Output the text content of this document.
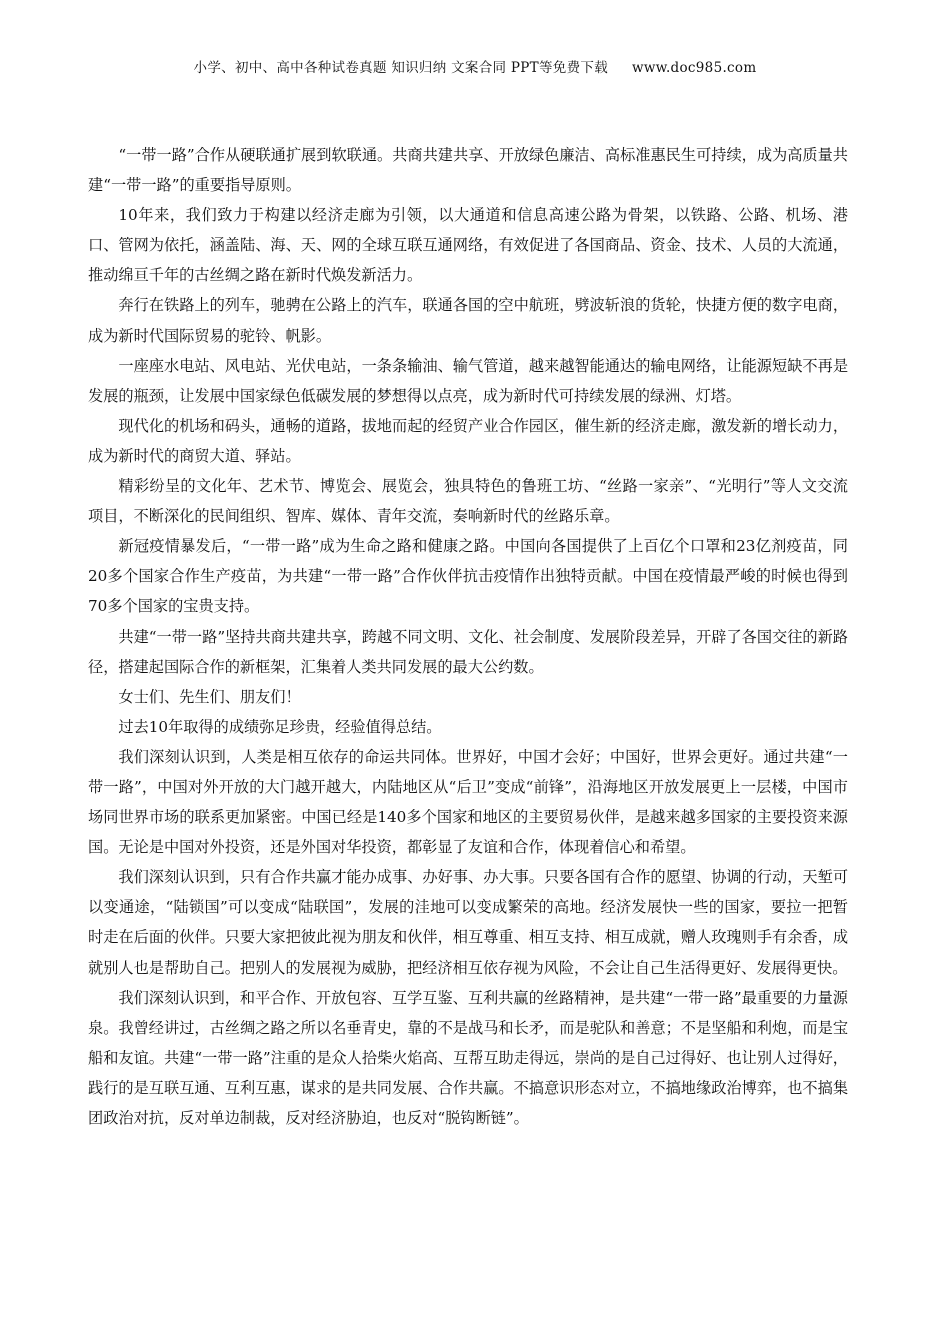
小学、初中、高中各种试卷真题 知识归纳 文案合同 PPT等免费下载 www.doc985.com

“一带一路”合作从硬联通扩展到软联通。共商共建共享、开放绿色廉洁、高标准惠民生可持续，成为高质量共建“一带一路”的重要指导原则。

10年来，我们致力于构建以经济走廊为引领，以大通道和信息高速公路为骨架，以铁路、公路、机场、港口、管网为依托，涵盖陆、海、天、网的全球互联互通网络，有效促进了各国商品、资金、技术、人员的大流通，推动绵亘千年的古丝绸之路在新时代焕发新活力。

奔行在铁路上的列车，驰骋在公路上的汽车，联通各国的空中航班，劈波斩浪的货轮，快捷方便的数字电商，成为新时代国际贸易的驼铃、帆影。

一座座水电站、风电站、光伏电站，一条条输油、输气管道，越来越智能通达的输电网络，让能源短缺不再是发展的瓶颈，让发展中国家绿色低碳发展的梦想得以点亮，成为新时代可持续发展的绿洲、灯塔。

现代化的机场和码头，通畅的道路，拔地而起的经贸产业合作园区，催生新的经济走廊，激发新的增长动力，成为新时代的商贸大道、驿站。

精彩纷呈的文化年、艺术节、博览会、展览会，独具特色的鲁班工坊、“丝路一家亲”、“光明行”等人文交流项目，不断深化的民间组织、智库、媒体、青年交流，奏响新时代的丝路乐章。

新冠疫情暴发后，“一带一路”成为生命之路和健康之路。中国向各国提供了上百亿个口罩和23亿剂疫苗，同20多个国家合作生产疫苗，为共建“一带一路”合作伙伴抗击疫情作出独特贡献。中国在疫情最严峻的时候也得到70多个国家的宝贵支持。

共建“一带一路”坚持共商共建共享，跨越不同文明、文化、社会制度、发展阶段差异，开辟了各国交往的新路径，搭建起国际合作的新框架，汇集着人类共同发展的最大公约数。

女士们、先生们、朋友们！

过去10年取得的成绩弥足珍贵，经验值得总结。

我们深刻认识到，人类是相互依存的命运共同体。世界好，中国才会好；中国好，世界会更好。通过共建“一带一路”，中国对外开放的大门越开越大，内陆地区从“后卫”变成“前锋”，沿海地区开放发展更上一层楼，中国市场同世界市场的联系更加紧密。中国已经是140多个国家和地区的主要贸易伙伴，是越来越多国家的主要投资来源国。无论是中国对外投资，还是外国对华投资，都彰显了友谊和合作，体现着信心和希望。

我们深刻认识到，只有合作共赢才能办成事、办好事、办大事。只要各国有合作的愿望、协调的行动，天堑可以变通途，“陆锁国”可以变成“陆联国”，发展的洼地可以变成繁荣的高地。经济发展快一些的国家，要拉一把暂时走在后面的伙伴。只要大家把彼此视为朋友和伙伴，相互尊重、相互支持、相互成就，赠人玫瑰则手有余香，成就别人也是帮助自己。把别人的发展视为威胁，把经济相互依存视为风险，不会让自己生活得更好、发展得更快。

我们深刻认识到，和平合作、开放包容、互学互鉴、互利共赢的丝路精神，是共建“一带一路”最重要的力量源泉。我曾经讲过，古丝绸之路之所以名垂青史，靠的不是战马和长矛，而是驼队和善意；不是坚船和利炮，而是宝船和友谊。共建“一带一路”注重的是众人拾柴火焰高、互帮互助走得远，崇尚的是自己过得好、也让别人过得好，践行的是互联互通、互利互惠，谋求的是共同发展、合作共赢。不搞意识形态对立，不搞地缘政治博弈，也不搞集团政治对抗，反对单边制裁，反对经济胁迫，也反对“脱钩断链”。
